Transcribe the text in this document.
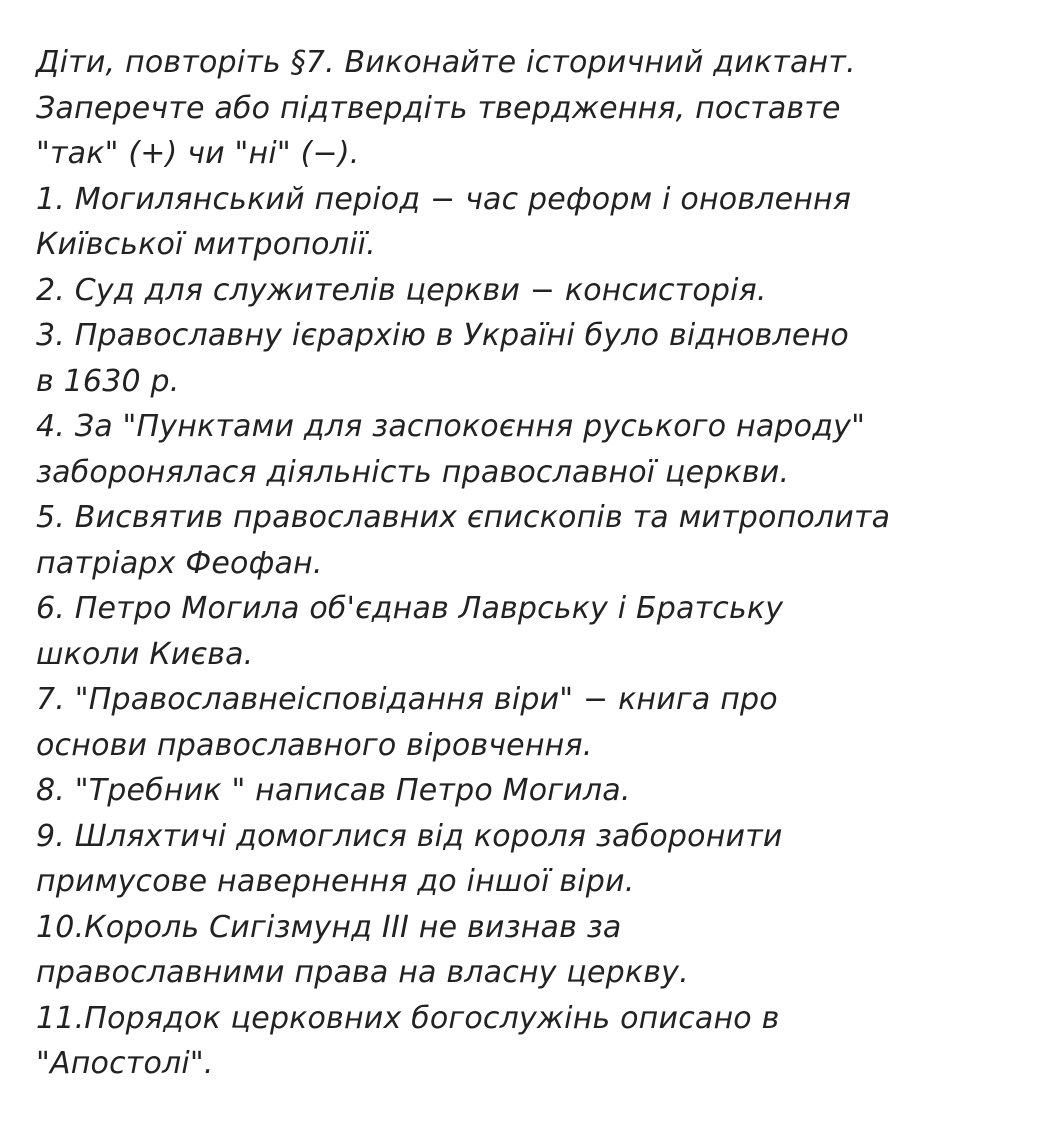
Діти, повторіть §7. Виконайте історичний диктант.
Заперечте або підтвердіть твердження, поставте
"так" (+) чи "ні" (−).
1. Могилянський період − час реформ і оновлення
Київської митрополії.
2. Суд для служителів церкви − консисторія.
3. Православну ієрархію в Україні було відновлено
в 1630 р.
4. За "Пунктами для заспокоєння руського народу"
заборонялася діяльність православної церкви.
5. Висвятив православних єпископів та митрополита
патріарх Феофан.
6. Петро Могила об'єднав Лаврську і Братську
школи Києва.
7. "Православнеісповідання віри" − книга про
основи православного віровчення.
8. "Требник " написав Петро Могила.
9. Шляхтичі домоглися від короля заборонити
примусове навернення до іншої віри.
10.Король Сигізмунд ІІІ не визнав за
православними права на власну церкву.
11.Порядок церковних богослужінь описано в
"Апостолі".
